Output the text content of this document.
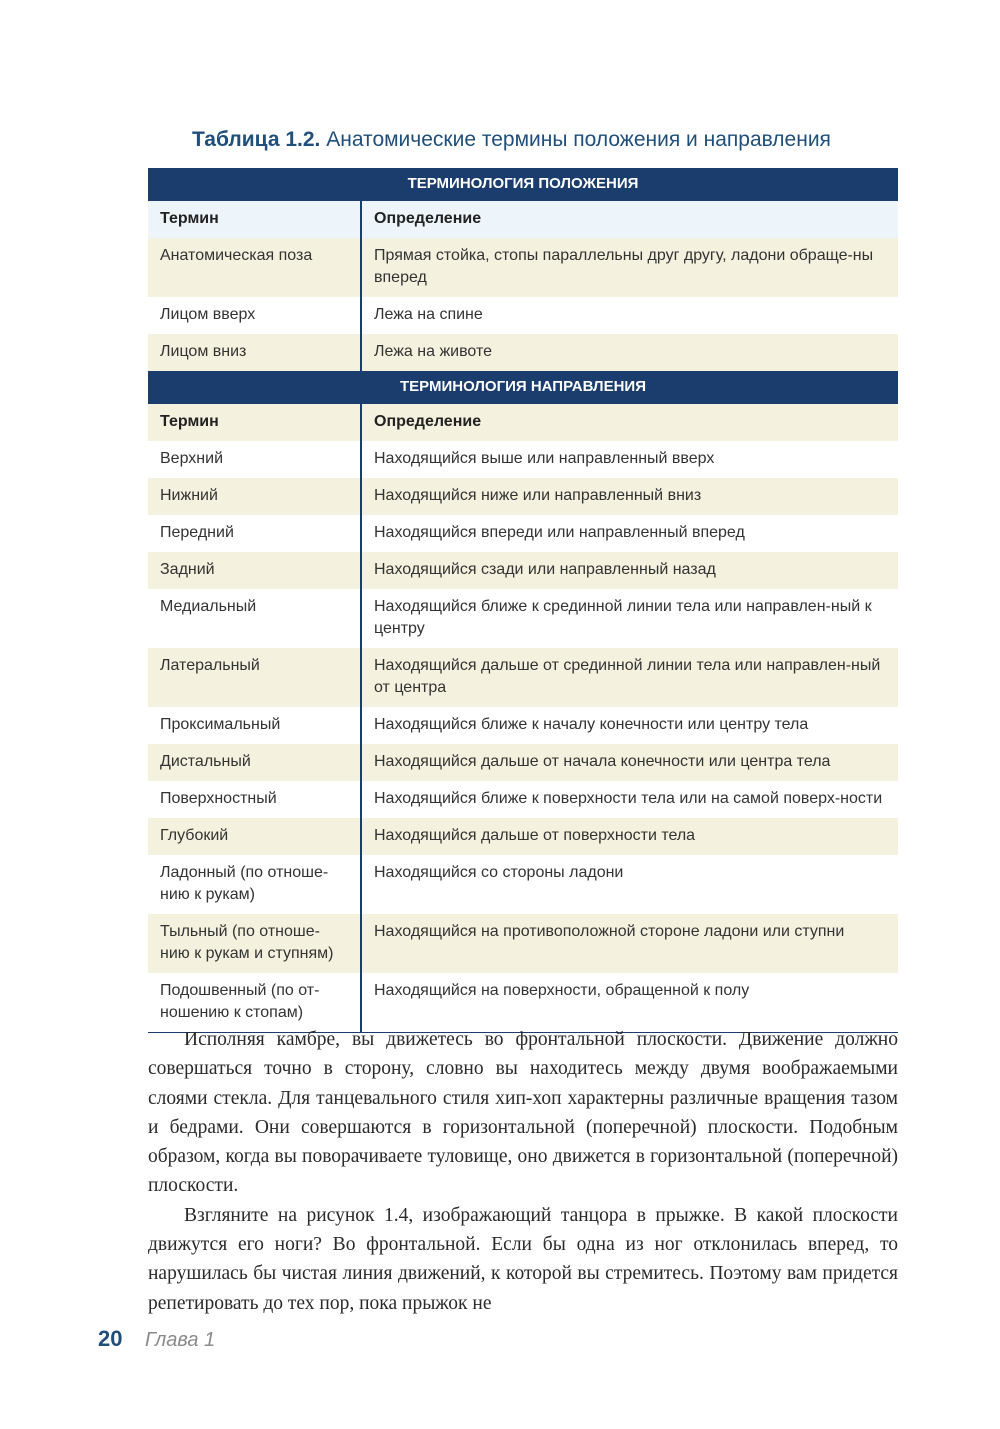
Таблица 1.2. Анатомические термины положения и направления
ТЕРМИНОЛОГИЯ ПОЛОЖЕНИЯ	
Термин	Определение
Анатомическая поза	Прямая стойка, стопы параллельны друг другу, ладони обраще-ны вперед
Лицом вверх	Лежа на спине
Лицом вниз	Лежа на животе
ТЕРМИНОЛОГИЯ НАПРАВЛЕНИЯ	
Термин	Определение
Верхний	Находящийся выше или направленный вверх
Нижний	Находящийся ниже или направленный вниз
Передний	Находящийся впереди или направленный вперед
Задний	Находящийся сзади или направленный назад
Медиальный	Находящийся ближе к срединной линии тела или направлен-ный к центру
Латеральный	Находящийся дальше от срединной линии тела или направлен-ный от центра
Проксимальный	Находящийся ближе к началу конечности или центру тела
Дистальный	Находящийся дальше от начала конечности или центра тела
Поверхностный	Находящийся ближе к поверхности тела или на самой поверх-ности
Глубокий	Находящийся дальше от поверхности тела
Ладонный (по отноше-нию к рукам)	Находящийся со стороны ладони
Тыльный (по отноше-нию к рукам и ступням)	Находящийся на противоположной стороне ладони или ступни
Подошвенный (по от-ношению к стопам)	Находящийся на поверхности, обращенной к полу

Исполняя камбре, вы движетесь во фронтальной плоскости. Движение должно совершаться точно в сторону, словно вы находитесь между двумя воображаемыми слоями стекла. Для танцевального стиля хип-хоп характерны различные вращения тазом и бедрами. Они совершаются в горизонтальной (поперечной) плоскости. Подобным образом, когда вы поворачиваете туловище, оно движется в горизонтальной (поперечной) плоскости.

Взгляните на рисунок 1.4, изображающий танцора в прыжке. В какой плоскости движутся его ноги? Во фронтальной. Если бы одна из ног отклонилась вперед, то нарушилась бы чистая линия движений, к которой вы стремитесь. Поэтому вам придется репетировать до тех пор, пока прыжок не

20 Глава 1
